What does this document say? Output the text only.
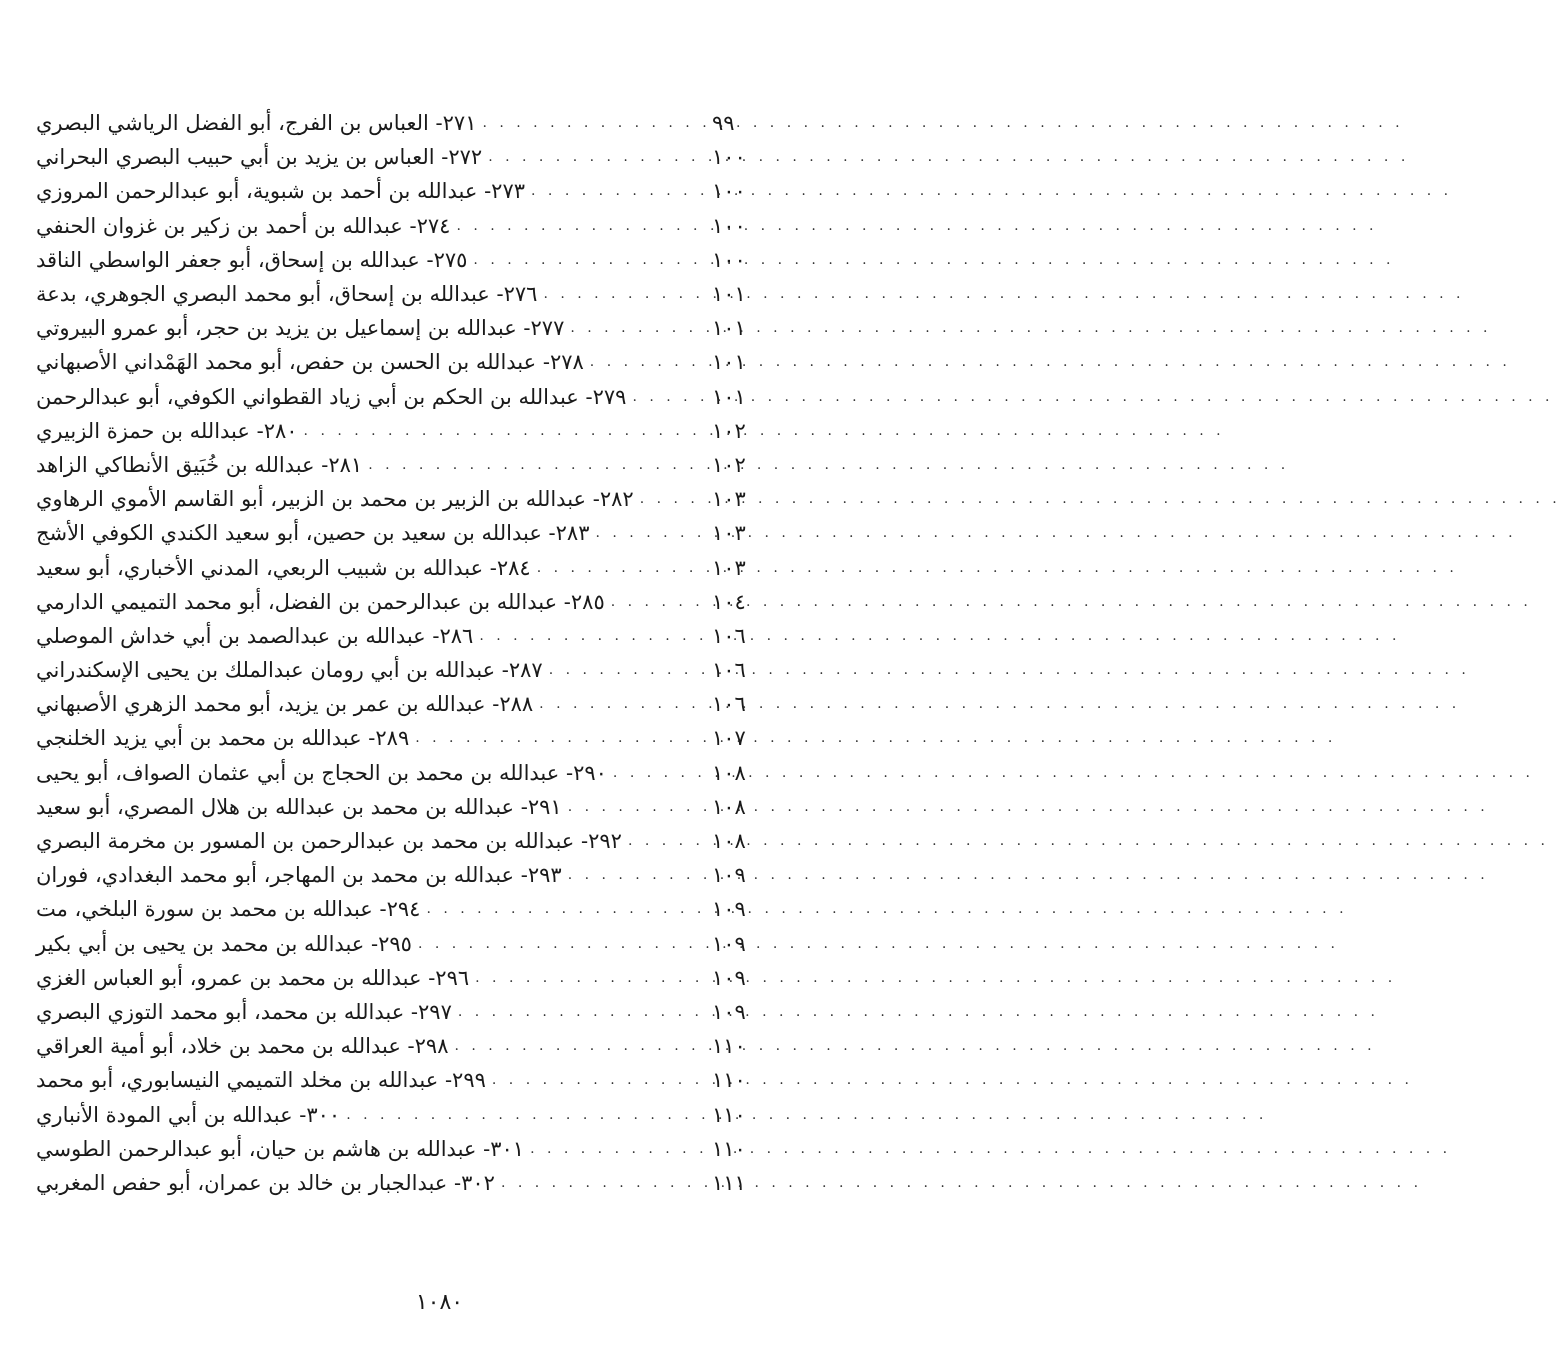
٢٧١- العباس بن الفرج، أبو الفضل الرياشي البصري . . .	٩٩
٢٧٢- العباس بن يزيد بن أبي حبيب البصري البحراني . . .	١٠٠
٢٧٣- عبدالله بن أحمد بن شبوية، أبو عبدالرحمن المروزي . . .	١٠٠
٢٧٤- عبدالله بن أحمد بن زكير بن غزوان الحنفي . . .	١٠٠
٢٧٥- عبدالله بن إسحاق، أبو جعفر الواسطي الناقد . . .	١٠٠
٢٧٦- عبدالله بن إسحاق، أبو محمد البصري الجوهري، بدعة . . .	١٠١
٢٧٧- عبدالله بن إسماعيل بن يزيد بن حجر، أبو عمرو البيروتي . . .	١٠١
٢٧٨- عبدالله بن الحسن بن حفص، أبو محمد الهَمْداني الأصبهاني . . .	١٠١
٢٧٩- عبدالله بن الحكم بن أبي زياد القطواني الكوفي، أبو عبدالرحمن . . .	١٠١
٢٨٠- عبدالله بن حمزة الزبيري . . .	١٠٢
٢٨١- عبدالله بن خُبَيق الأنطاكي الزاهد . . .	١٠٢
٢٨٢- عبدالله بن الزبير بن محمد بن الزبير، أبو القاسم الأموي الرهاوي . . .	١٠٣
٢٨٣- عبدالله بن سعيد بن حصين، أبو سعيد الكندي الكوفي الأشج . . .	١٠٣
٢٨٤- عبدالله بن شبيب الربعي، المدني الأخباري، أبو سعيد . . .	١٠٣
٢٨٥- عبدالله بن عبدالرحمن بن الفضل، أبو محمد التميمي الدارمي . . .	١٠٤
٢٨٦- عبدالله بن عبدالصمد بن أبي خداش الموصلي . . .	١٠٦
٢٨٧- عبدالله بن أبي رومان عبدالملك بن يحيى الإسكندراني . . .	١٠٦
٢٨٨- عبدالله بن عمر بن يزيد، أبو محمد الزهري الأصبهاني . . .	١٠٦
٢٨٩- عبدالله بن محمد بن أبي يزيد الخلنجي . . .	١٠٧
٢٩٠- عبدالله بن محمد بن الحجاج بن أبي عثمان الصواف، أبو يحيى . . .	١٠٨
٢٩١- عبدالله بن محمد بن عبدالله بن هلال المصري، أبو سعيد . . .	١٠٨
٢٩٢- عبدالله بن محمد بن عبدالرحمن بن المسور بن مخرمة البصري . . .	١٠٨
٢٩٣- عبدالله بن محمد بن المهاجر، أبو محمد البغدادي، فوران . . .	١٠٩
٢٩٤- عبدالله بن محمد بن سورة البلخي، مت . . .	١٠٩
٢٩٥- عبدالله بن محمد بن يحيى بن أبي بكير . . .	١٠٩
٢٩٦- عبدالله بن محمد بن عمرو، أبو العباس الغزي . . .	١٠٩
٢٩٧- عبدالله بن محمد، أبو محمد التوزي البصري . . .	١٠٩
٢٩٨- عبدالله بن محمد بن خلاد، أبو أمية العراقي . . .	١١٠
٢٩٩- عبدالله بن مخلد التميمي النيسابوري، أبو محمد . . .	١١٠
٣٠٠- عبدالله بن أبي المودة الأنباري . . .	١١٠
٣٠١- عبدالله بن هاشم بن حيان، أبو عبدالرحمن الطوسي . . .	١١٠
٣٠٢- عبدالجبار بن خالد بن عمران، أبو حفص المغربي . . .	١١١
١٠٨٠
